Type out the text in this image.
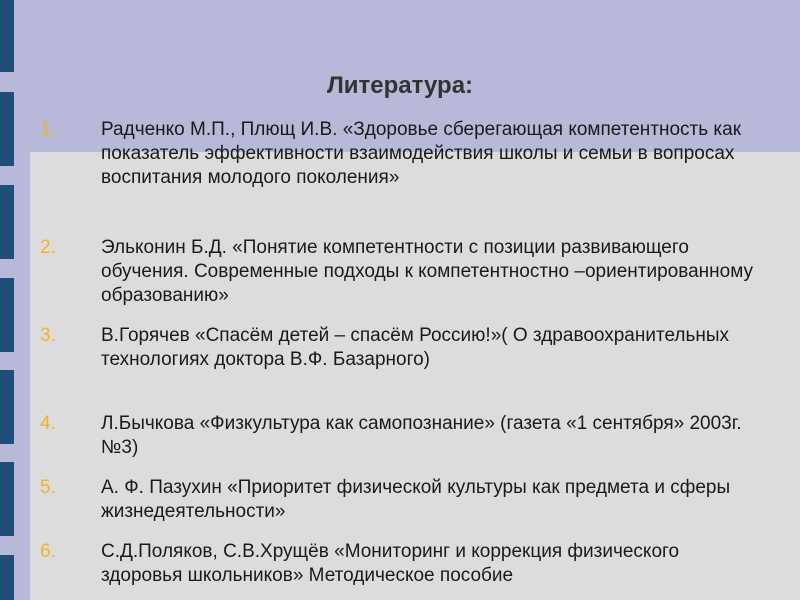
Литература:
1. Радченко М.П., Плющ И.В. «Здоровье сберегающая компетентность как показатель эффективности взаимодействия школы и семьи в вопросах воспитания молодого поколения»
2. Эльконин Б.Д. «Понятие компетентности с позиции развивающего обучения. Современные подходы к компетентностно –ориентированному образованию»
3. В.Горячев «Спасём детей – спасём Россию!»( О здравоохранительных технологиях доктора В.Ф. Базарного)
4. Л.Бычкова «Физкультура как самопознание» (газета «1 сентября» 2003г. №3)
5. А. Ф. Пазухин «Приоритет физической культуры как предмета и сферы жизнедеятельности»
6. С.Д.Поляков, С.В.Хрущёв «Мониторинг и коррекция физического здоровья школьников» Методическое пособие
